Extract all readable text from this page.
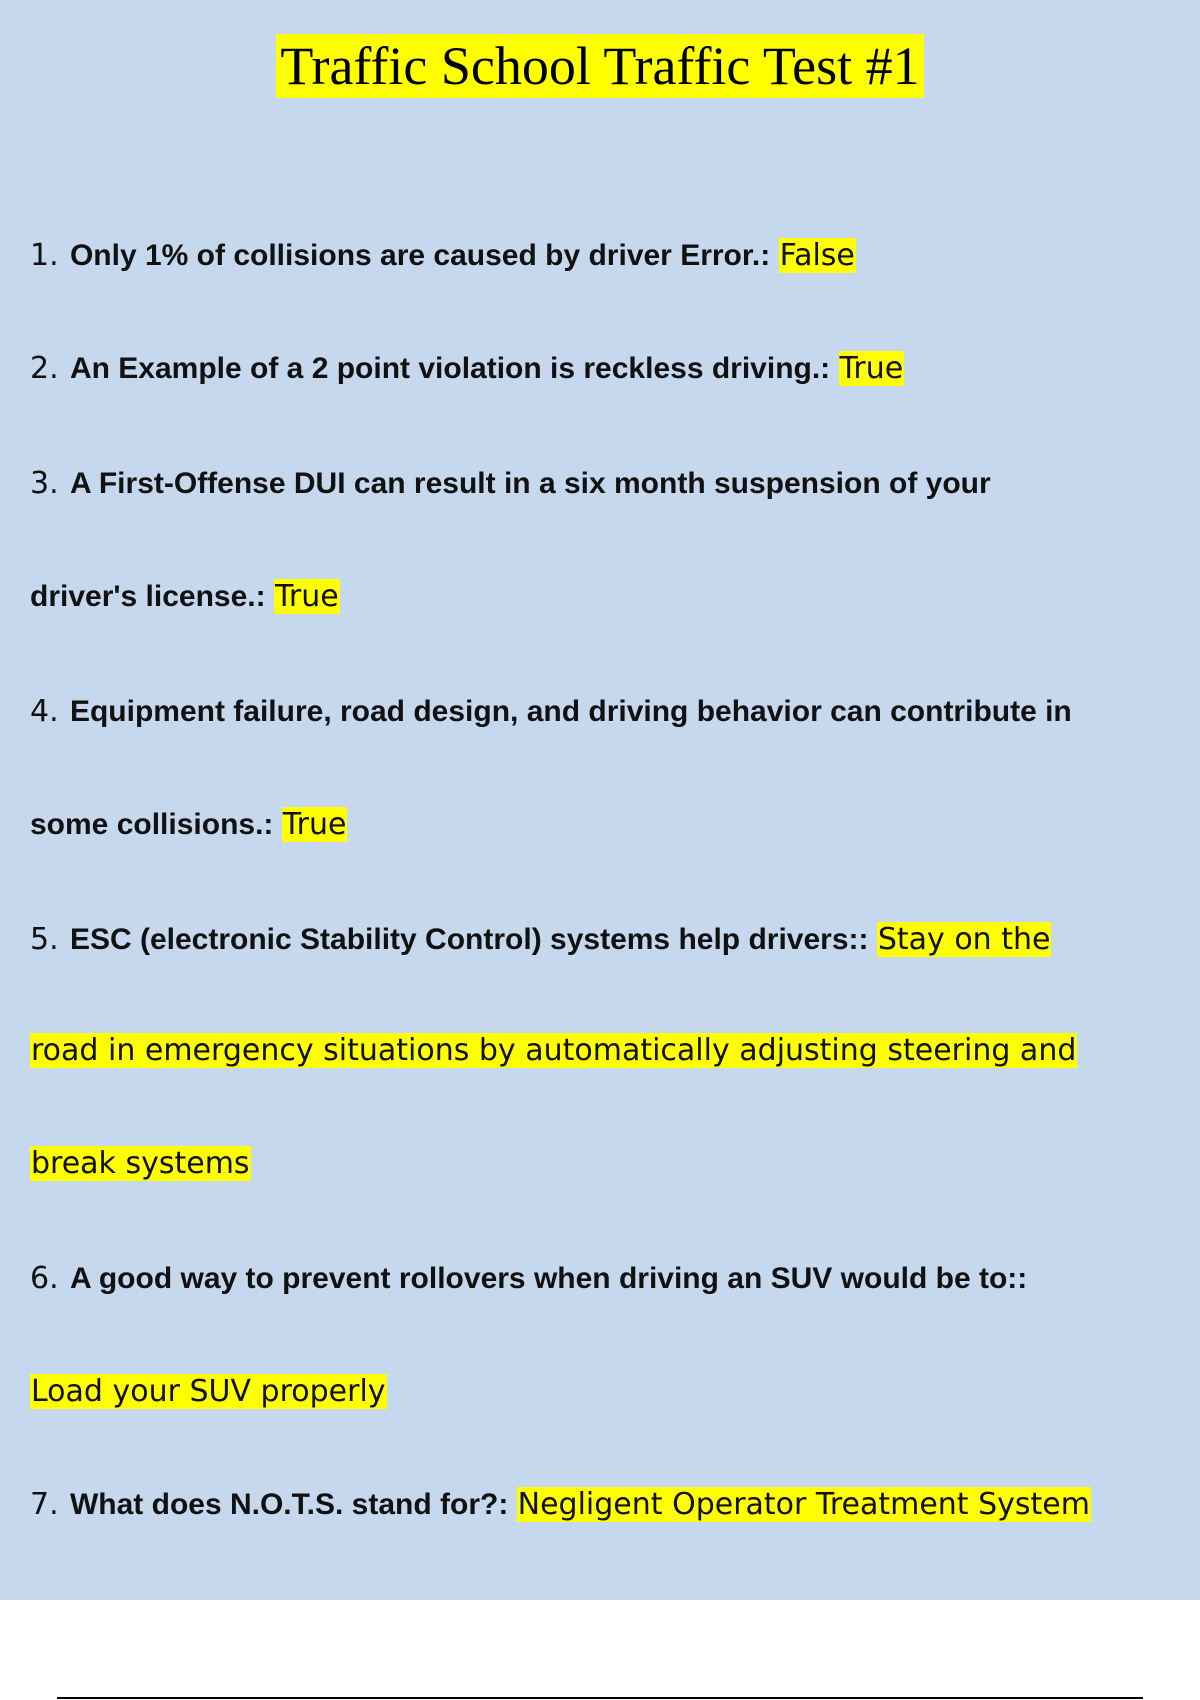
Traffic School Traffic Test #1
1. Only 1% of collisions are caused by driver Error.: False
2. An Example of a 2 point violation is reckless driving.: True
3. A First-Offense DUI can result in a six month suspension of your
driver's license.: True
4. Equipment failure, road design, and driving behavior can contribute in
some collisions.: True
5. ESC (electronic Stability Control) systems help drivers:: Stay on the
road in emergency situations by automatically adjusting steering and
break systems
6. A good way to prevent rollovers when driving an SUV would be to::
Load your SUV properly
7. What does N.O.T.S. stand for?: Negligent Operator Treatment System
